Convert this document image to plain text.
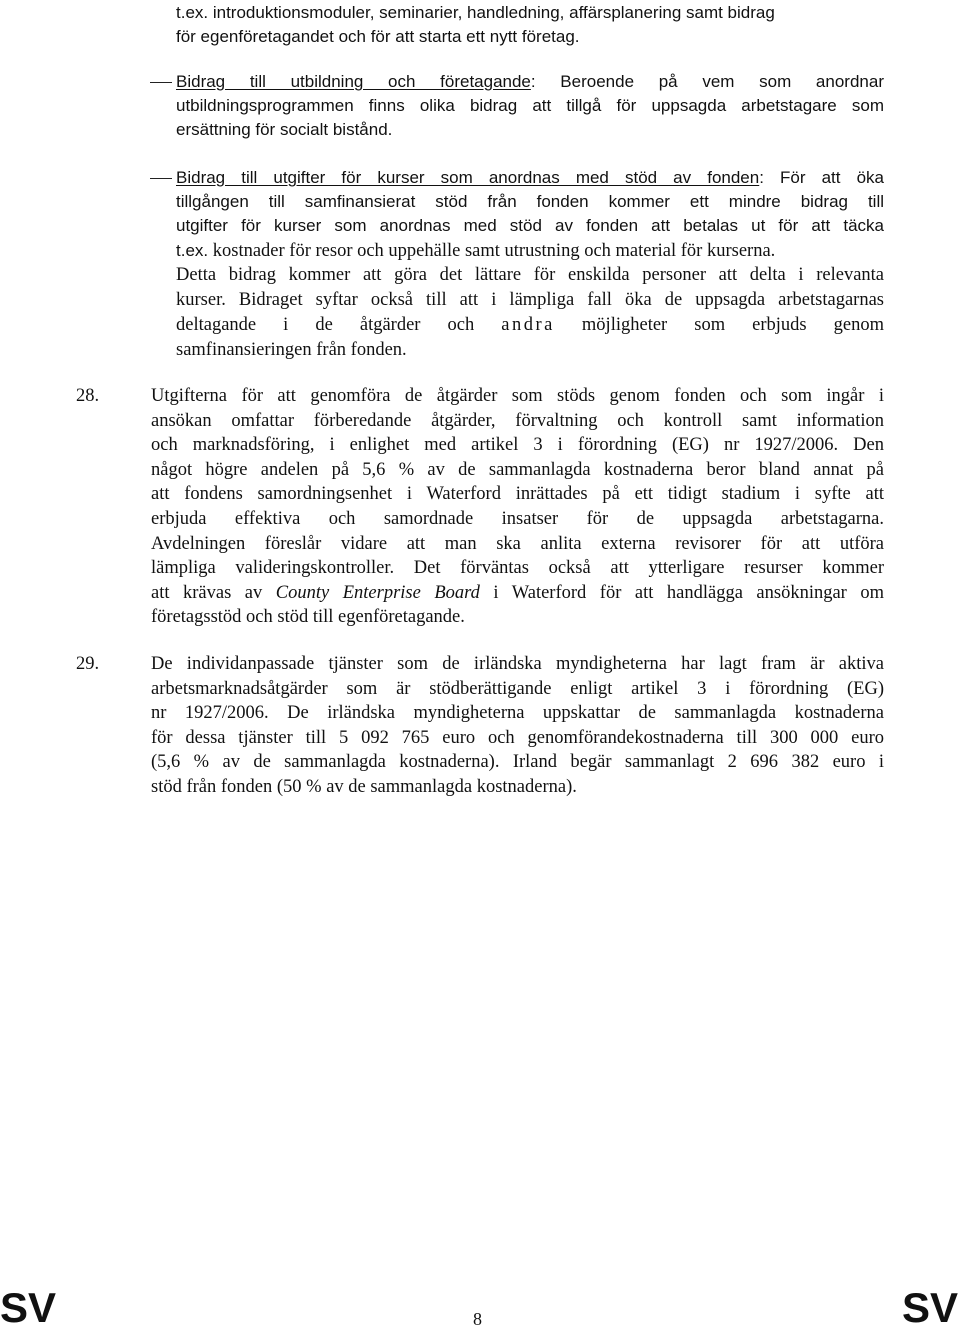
t.ex. introduktionsmoduler, seminarier, handledning, affärsplanering samt bidrag
för egenföretagandet och för att starta ett nytt företag.
Bidrag till utbildning och företagande: Beroende på vem som anordnar
utbildningsprogrammen finns olika bidrag att tillgå för uppsagda arbetstagare som
ersättning för socialt bistånd.
Bidrag till utgifter för kurser som anordnas med stöd av fonden: För att öka
tillgången till samfinansierat stöd från fonden kommer ett mindre bidrag till
utgifter för kurser som anordnas med stöd av fonden att betalas ut för att täcka
t.ex. kostnader för resor och uppehälle samt utrustning och material för kurserna.
Detta bidrag kommer att göra det lättare för enskilda personer att delta i relevanta
kurser. Bidraget syftar också till att i lämpliga fall öka de uppsagda arbetstagarnas
deltagande i de åtgärder och andra möjligheter som erbjuds genom
samfinansieringen från fonden.
28.	Utgifterna för att genomföra de åtgärder som stöds genom fonden och som ingår i
ansökan omfattar förberedande åtgärder, förvaltning och kontroll samt information
och marknadsföring, i enlighet med artikel 3 i förordning (EG) nr 1927/2006. Den
något högre andelen på 5,6 % av de sammanlagda kostnaderna beror bland annat på
att fondens samordningsenhet i Waterford inrättades på ett tidigt stadium i syfte att
erbjuda effektiva och samordnade insatser för de uppsagda arbetstagarna.
Avdelningen föreslår vidare att man ska anlita externa revisorer för att utföra
lämpliga valideringskontroller. Det förväntas också att ytterligare resurser kommer
att krävas av County Enterprise Board i Waterford för att handlägga ansökningar om
företagsstöd och stöd till egenföretagande.
29.	De individanpassade tjänster som de irländska myndigheterna har lagt fram är aktiva
arbetsmarknadsåtgärder som är stödberättigande enligt artikel 3 i förordning (EG)
nr 1927/2006. De irländska myndigheterna uppskattar de sammanlagda kostnaderna
för dessa tjänster till 5 092 765 euro och genomförandekostnaderna till 300 000 euro
(5,6 % av de sammanlagda kostnaderna). Irland begär sammanlagt 2 696 382 euro i
stöd från fonden (50 % av de sammanlagda kostnaderna).
SV	8	SV
